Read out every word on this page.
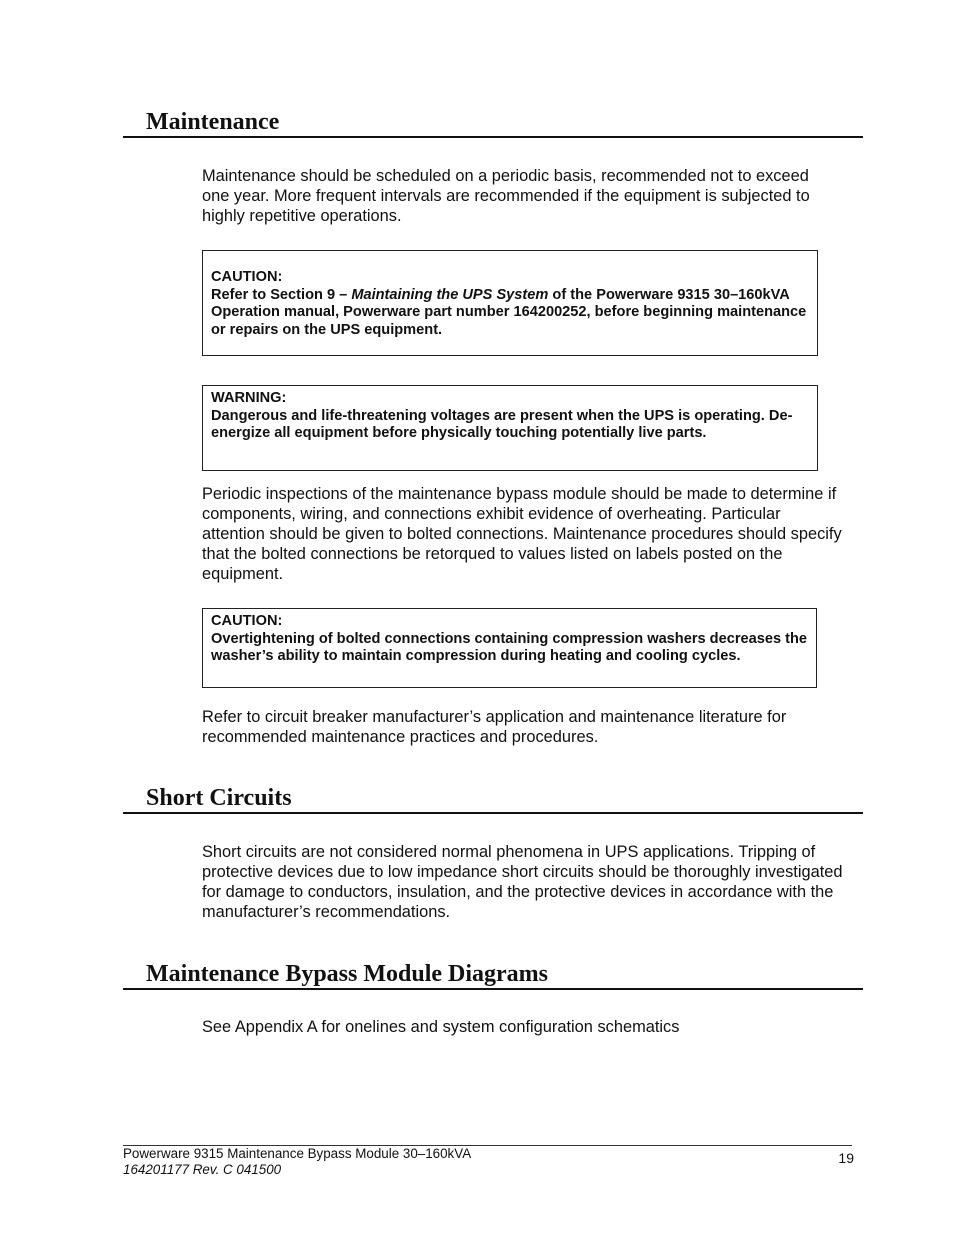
Maintenance

Maintenance should be scheduled on a periodic basis, recommended not to exceed one year. More frequent intervals are recommended if the equipment is subjected to highly repetitive operations.

CAUTION:

Refer to Section 9 – Maintaining the UPS System of the Powerware 9315 30–160kVA Operation manual, Powerware part number 164200252, before beginning maintenance or repairs on the UPS equipment.

WARNING:

Dangerous and life-threatening voltages are present when the UPS is operating. De-energize all equipment before physically touching potentially live parts.

Periodic inspections of the maintenance bypass module should be made to determine if components, wiring, and connections exhibit evidence of overheating. Particular attention should be given to bolted connections. Maintenance procedures should specify that the bolted connections be retorqued to values listed on labels posted on the equipment.

CAUTION:

Overtightening of bolted connections containing compression washers decreases the washer’s ability to maintain compression during heating and cooling cycles.

Refer to circuit breaker manufacturer’s application and maintenance literature for recommended maintenance practices and procedures.

Short Circuits

Short circuits are not considered normal phenomena in UPS applications. Tripping of protective devices due to low impedance short circuits should be thoroughly investigated for damage to conductors, insulation, and the protective devices in accordance with the manufacturer’s recommendations.

Maintenance Bypass Module Diagrams

See Appendix A for onelines and system configuration schematics

Powerware 9315 Maintenance Bypass Module 30–160kVA
164201177 Rev. C 041500
19
